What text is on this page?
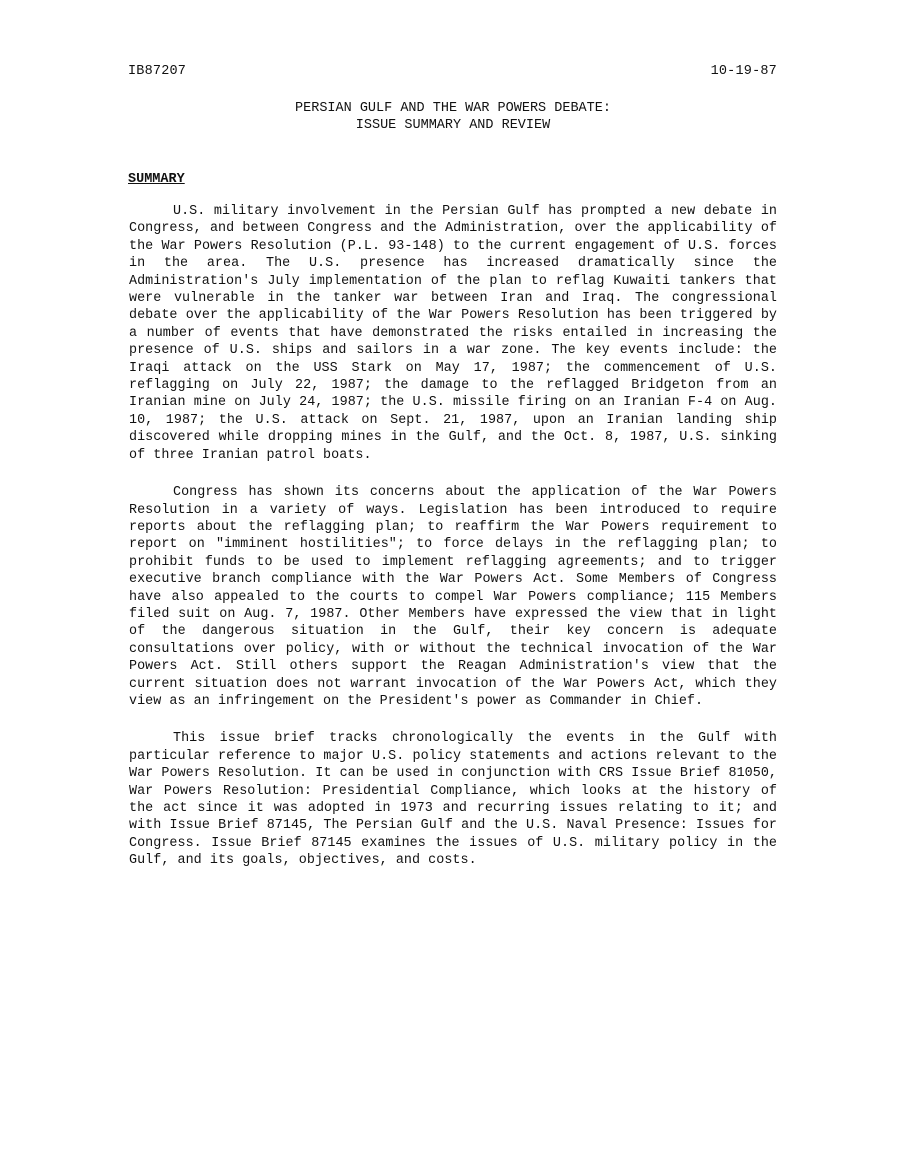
IB87207	10-19-87
PERSIAN GULF AND THE WAR POWERS DEBATE:
ISSUE SUMMARY AND REVIEW
SUMMARY

U.S. military involvement in the Persian Gulf has prompted a new debate in Congress, and between Congress and the Administration, over the applicability of the War Powers Resolution (P.L. 93-148) to the current engagement of U.S. forces in the area. The U.S. presence has increased dramatically since the Administration's July implementation of the plan to reflag Kuwaiti tankers that were vulnerable in the tanker war between Iran and Iraq. The congressional debate over the applicability of the War Powers Resolution has been triggered by a number of events that have demonstrated the risks entailed in increasing the presence of U.S. ships and sailors in a war zone. The key events include: the Iraqi attack on the USS Stark on May 17, 1987; the commencement of U.S. reflagging on July 22, 1987; the damage to the reflagged Bridgeton from an Iranian mine on July 24, 1987; the U.S. missile firing on an Iranian F-4 on Aug. 10, 1987; the U.S. attack on Sept. 21, 1987, upon an Iranian landing ship discovered while dropping mines in the Gulf, and the Oct. 8, 1987, U.S. sinking of three Iranian patrol boats.

Congress has shown its concerns about the application of the War Powers Resolution in a variety of ways. Legislation has been introduced to require reports about the reflagging plan; to reaffirm the War Powers requirement to report on "imminent hostilities"; to force delays in the reflagging plan; to prohibit funds to be used to implement reflagging agreements; and to trigger executive branch compliance with the War Powers Act. Some Members of Congress have also appealed to the courts to compel War Powers compliance; 115 Members filed suit on Aug. 7, 1987. Other Members have expressed the view that in light of the dangerous situation in the Gulf, their key concern is adequate consultations over policy, with or without the technical invocation of the War Powers Act. Still others support the Reagan Administration's view that the current situation does not warrant invocation of the War Powers Act, which they view as an infringement on the President's power as Commander in Chief.

This issue brief tracks chronologically the events in the Gulf with particular reference to major U.S. policy statements and actions relevant to the War Powers Resolution. It can be used in conjunction with CRS Issue Brief 81050, War Powers Resolution: Presidential Compliance, which looks at the history of the act since it was adopted in 1973 and recurring issues relating to it; and with Issue Brief 87145, The Persian Gulf and the U.S. Naval Presence: Issues for Congress. Issue Brief 87145 examines the issues of U.S. military policy in the Gulf, and its goals, objectives, and costs.
